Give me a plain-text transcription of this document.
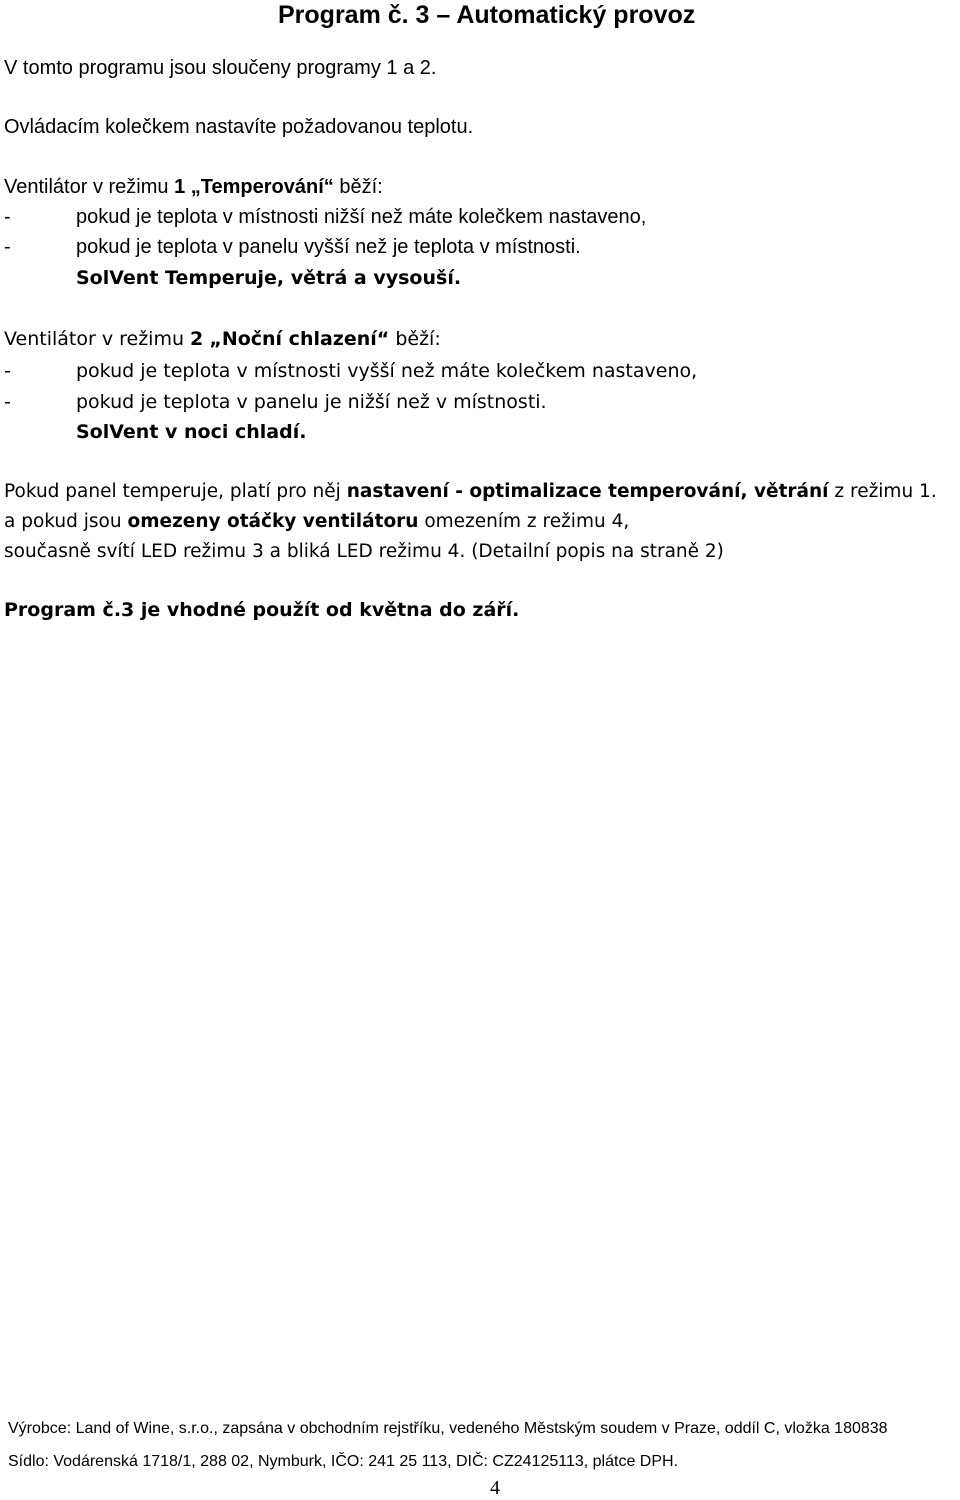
Program č. 3 – Automatický provoz
V tomto programu jsou sloučeny programy 1 a 2.
Ovládacím kolečkem nastavíte požadovanou teplotu.
Ventilátor v režimu 1 „Temperování“ běží:
-	pokud je teplota v místnosti nižší než máte kolečkem nastaveno,
-	pokud je teplota v panelu vyšší než je teplota v místnosti.
SolVent Temperuje, větrá a vysouší.
Ventilátor v režimu 2 „Noční chlazení“ běží:
-	pokud je teplota v místnosti vyšší než máte kolečkem nastaveno,
-	pokud je teplota v panelu je nižší než v místnosti.
SolVent v noci chladí.
Pokud panel temperuje, platí pro něj nastavení - optimalizace temperování, větrání z režimu 1.
a pokud jsou omezeny otáčky ventilátoru omezením z režimu 4,
současně svítí LED režimu 3 a bliká LED režimu 4. (Detailní popis na straně 2)
Program č.3 je vhodné použít od května do září.
Výrobce: Land of Wine, s.r.o., zapsána v obchodním rejstříku, vedeného Městským soudem v Praze, oddíl C, vložka 180838
Sídlo: Vodárenská 1718/1, 288 02, Nymburk, IČO: 241 25 113, DIČ: CZ24125113, plátce DPH.
4
